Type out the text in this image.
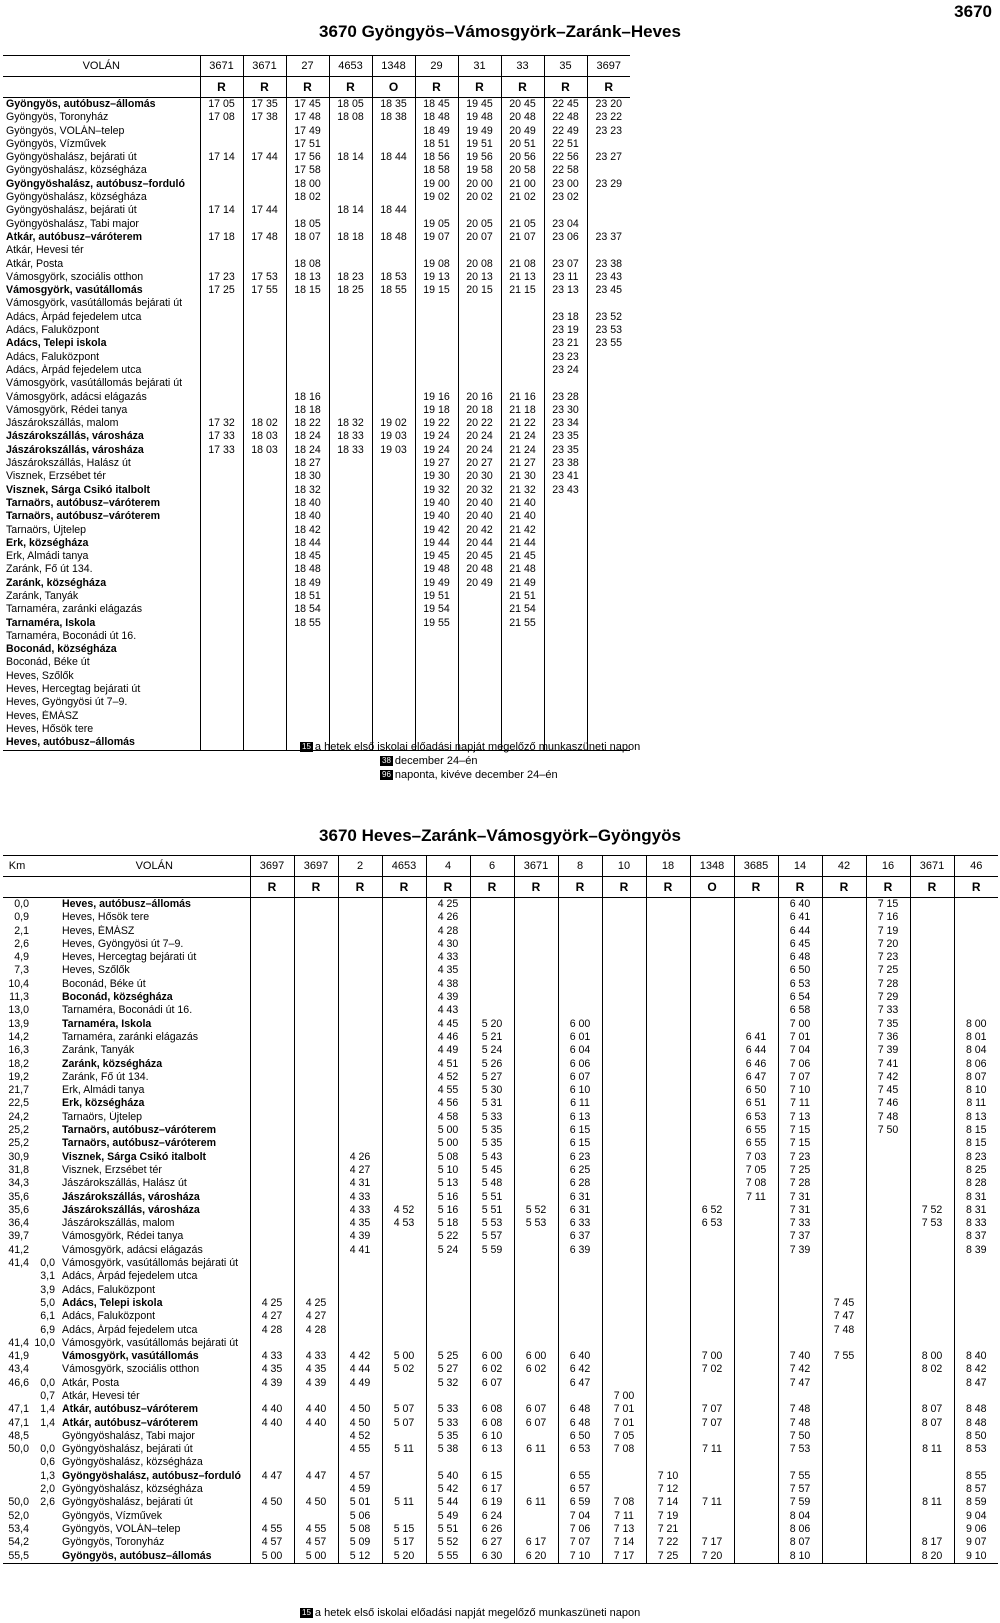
3670
3670 Gyöngyös–Vámosgyörk–Zaránk–Heves
VOLÁN	3671	3671	27	4653	1348	29	31	33	35	3697
	R	R	R	R	O	R	R	R	R	R
Gyöngyös, autóbusz–állomás	17 05	17 35	17 45	18 05	18 35	18 45	19 45	20 45	22 45	23 20
Gyöngyös, Toronyház	17 08	17 38	17 48	18 08	18 38	18 48	19 48	20 48	22 48	23 22
Gyöngyös, VOLÁN–telep			17 49			18 49	19 49	20 49	22 49	23 23
Gyöngyös, Vízművek			17 51			18 51	19 51	20 51	22 51	
Gyöngyöshalász, bejárati út	17 14	17 44	17 56	18 14	18 44	18 56	19 56	20 56	22 56	23 27
Gyöngyöshalász, községháza			17 58			18 58	19 58	20 58	22 58	
Gyöngyöshalász, autóbusz–forduló			18 00			19 00	20 00	21 00	23 00	23 29
Gyöngyöshalász, községháza			18 02			19 02	20 02	21 02	23 02	
Gyöngyöshalász, bejárati út	17 14	17 44		18 14	18 44					
Gyöngyöshalász, Tabi major			18 05			19 05	20 05	21 05	23 04	
Atkár, autóbusz–váróterem	17 18	17 48	18 07	18 18	18 48	19 07	20 07	21 07	23 06	23 37
Atkár, Hevesi tér										
Atkár, Posta			18 08			19 08	20 08	21 08	23 07	23 38
Vámosgyörk, szociális otthon	17 23	17 53	18 13	18 23	18 53	19 13	20 13	21 13	23 11	23 43
Vámosgyörk, vasútállomás	17 25	17 55	18 15	18 25	18 55	19 15	20 15	21 15	23 13	23 45
Vámosgyörk, vasútállomás bejárati út										
Adács, Árpád fejedelem utca									23 18	23 52
Adács, Faluközpont									23 19	23 53
Adács, Telepi iskola									23 21	23 55
Adács, Faluközpont									23 23	
Adács, Árpád fejedelem utca									23 24	
Vámosgyörk, vasútállomás bejárati út										
Vámosgyörk, adácsi elágazás			18 16			19 16	20 16	21 16	23 28	
Vámosgyörk, Rédei tanya			18 18			19 18	20 18	21 18	23 30	
Jászárokszállás, malom	17 32	18 02	18 22	18 32	19 02	19 22	20 22	21 22	23 34	
Jászárokszállás, városháza	17 33	18 03	18 24	18 33	19 03	19 24	20 24	21 24	23 35	
Jászárokszállás, városháza	17 33	18 03	18 24	18 33	19 03	19 24	20 24	21 24	23 35	
Jászárokszállás, Halász út			18 27			19 27	20 27	21 27	23 38	
Visznek, Erzsébet tér			18 30			19 30	20 30	21 30	23 41	
Visznek, Sárga Csikó italbolt			18 32			19 32	20 32	21 32	23 43	
Tarnaörs, autóbusz–váróterem			18 40			19 40	20 40	21 40		
Tarnaörs, autóbusz–váróterem			18 40			19 40	20 40	21 40		
Tarnaörs, Újtelep			18 42			19 42	20 42	21 42		
Erk, községháza			18 44			19 44	20 44	21 44		
Erk, Almádi tanya			18 45			19 45	20 45	21 45		
Zaránk, Fő út 134.			18 48			19 48	20 48	21 48		
Zaránk, községháza			18 49			19 49	20 49	21 49		
Zaránk, Tanyák			18 51			19 51		21 51		
Tarnaméra, zaránki elágazás			18 54			19 54		21 54		
Tarnaméra, Iskola			18 55			19 55		21 55		
Tarnaméra, Boconádi út 16.										
Boconád, községháza										
Boconád, Béke út										
Heves, Szőlők										
Heves, Hercegtag bejárati út										
Heves, Gyöngyösi út 7–9.										
Heves, ÉMÁSZ										
Heves, Hősök tere										
Heves, autóbusz–állomás											15 a hetek első iskolai előadási napját megelőző munkaszüneti napon
38 december 24–én
96 naponta, kivéve december 24–én
3670 Heves–Zaránk–Vámosgyörk–Gyöngyös
Km		VOLÁN	3697	3697	2	4653	4	6	3671	8	10	18	1348	3685	14	42	16	3671	46
			R	R	R	R	R	R	R	R	R	R	O	R	R	R	R	R	R
0,0		Heves, autóbusz–állomás					4 25								6 40		7 15		
0,9		Heves, Hősök tere					4 26								6 41		7 16		
2,1		Heves, ÉMÁSZ					4 28								6 44		7 19		
2,6		Heves, Gyöngyösi út 7–9.					4 30								6 45		7 20		
4,9		Heves, Hercegtag bejárati út					4 33								6 48		7 23		
7,3		Heves, Szőlők					4 35								6 50		7 25		
10,4		Boconád, Béke út					4 38								6 53		7 28		
11,3		Boconád, községháza					4 39								6 54		7 29		
13,0		Tarnaméra, Boconádi út 16.					4 43								6 58		7 33		
13,9		Tarnaméra, Iskola					4 45	5 20		6 00					7 00		7 35		8 00
14,2		Tarnaméra, zaránki elágazás					4 46	5 21		6 01				6 41	7 01		7 36		8 01
16,3		Zaránk, Tanyák					4 49	5 24		6 04				6 44	7 04		7 39		8 04
18,2		Zaránk, községháza					4 51	5 26		6 06				6 46	7 06		7 41		8 06
19,2		Zaránk, Fő út 134.					4 52	5 27		6 07				6 47	7 07		7 42		8 07
21,7		Erk, Almádi tanya					4 55	5 30		6 10				6 50	7 10		7 45		8 10
22,5		Erk, községháza					4 56	5 31		6 11				6 51	7 11		7 46		8 11
24,2		Tarnaörs, Újtelep					4 58	5 33		6 13				6 53	7 13		7 48		8 13
25,2		Tarnaörs, autóbusz–váróterem					5 00	5 35		6 15				6 55	7 15		7 50		8 15
25,2		Tarnaörs, autóbusz–váróterem					5 00	5 35		6 15				6 55	7 15				8 15
30,9		Visznek, Sárga Csikó italbolt			4 26		5 08	5 43		6 23				7 03	7 23				8 23
31,8		Visznek, Erzsébet tér			4 27		5 10	5 45		6 25				7 05	7 25				8 25
34,3		Jászárokszállás, Halász út			4 31		5 13	5 48		6 28				7 08	7 28				8 28
35,6		Jászárokszállás, városháza			4 33		5 16	5 51		6 31				7 11	7 31				8 31
35,6		Jászárokszállás, városháza			4 33	4 52	5 16	5 51	5 52	6 31			6 52		7 31			7 52	8 31
36,4		Jászárokszállás, malom			4 35	4 53	5 18	5 53	5 53	6 33			6 53		7 33			7 53	8 33
39,7		Vámosgyörk, Rédei tanya			4 39		5 22	5 57		6 37					7 37				8 37
41,2		Vámosgyörk, adácsi elágazás			4 41		5 24	5 59		6 39					7 39				8 39
41,4	0,0	Vámosgyörk, vasútállomás bejárati út																	
	3,1	Adács, Árpád fejedelem utca																	
	3,9	Adács, Faluközpont																	
	5,0	Adács, Telepi iskola	4 25	4 25												7 45			
	6,1	Adács, Faluközpont	4 27	4 27												7 47			
	6,9	Adács, Árpád fejedelem utca	4 28	4 28												7 48			
41,4	10,0	Vámosgyörk, vasútállomás bejárati út																	
41,9		Vámosgyörk, vasútállomás	4 33	4 33	4 42	5 00	5 25	6 00	6 00	6 40			7 00		7 40	7 55		8 00	8 40
43,4		Vámosgyörk, szociális otthon	4 35	4 35	4 44	5 02	5 27	6 02	6 02	6 42			7 02		7 42			8 02	8 42
46,6	0,0	Atkár, Posta	4 39	4 39	4 49		5 32	6 07		6 47					7 47				8 47
	0,7	Atkár, Hevesi tér									7 00								
47,1	1,4	Atkár, autóbusz–váróterem	4 40	4 40	4 50	5 07	5 33	6 08	6 07	6 48	7 01		7 07		7 48			8 07	8 48
47,1	1,4	Atkár, autóbusz–váróterem	4 40	4 40	4 50	5 07	5 33	6 08	6 07	6 48	7 01		7 07		7 48			8 07	8 48
48,5		Gyöngyöshalász, Tabi major			4 52		5 35	6 10		6 50	7 05				7 50				8 50
50,0	0,0	Gyöngyöshalász, bejárati út			4 55	5 11	5 38	6 13	6 11	6 53	7 08		7 11		7 53			8 11	8 53
	0,6	Gyöngyöshalász, községháza																	
	1,3	Gyöngyöshalász, autóbusz–forduló	4 47	4 47	4 57		5 40	6 15		6 55		7 10			7 55				8 55
	2,0	Gyöngyöshalász, községháza			4 59		5 42	6 17		6 57		7 12			7 57				8 57
50,0	2,6	Gyöngyöshalász, bejárati út	4 50	4 50	5 01	5 11	5 44	6 19	6 11	6 59	7 08	7 14	7 11		7 59			8 11	8 59
52,0		Gyöngyös, Vízművek			5 06		5 49	6 24		7 04	7 11	7 19			8 04				9 04
53,4		Gyöngyös, VOLÁN–telep	4 55	4 55	5 08	5 15	5 51	6 26		7 06	7 13	7 21			8 06				9 06
54,2		Gyöngyös, Toronyház	4 57	4 57	5 09	5 17	5 52	6 27	6 17	7 07	7 14	7 22	7 17		8 07			8 17	9 07
55,5		Gyöngyös, autóbusz–állomás	5 00	5 00	5 12	5 20	5 55	6 30	6 20	7 10	7 17	7 25	7 20		8 10			8 20	9 10
15 a hetek első iskolai előadási napját megelőző munkaszüneti napon
